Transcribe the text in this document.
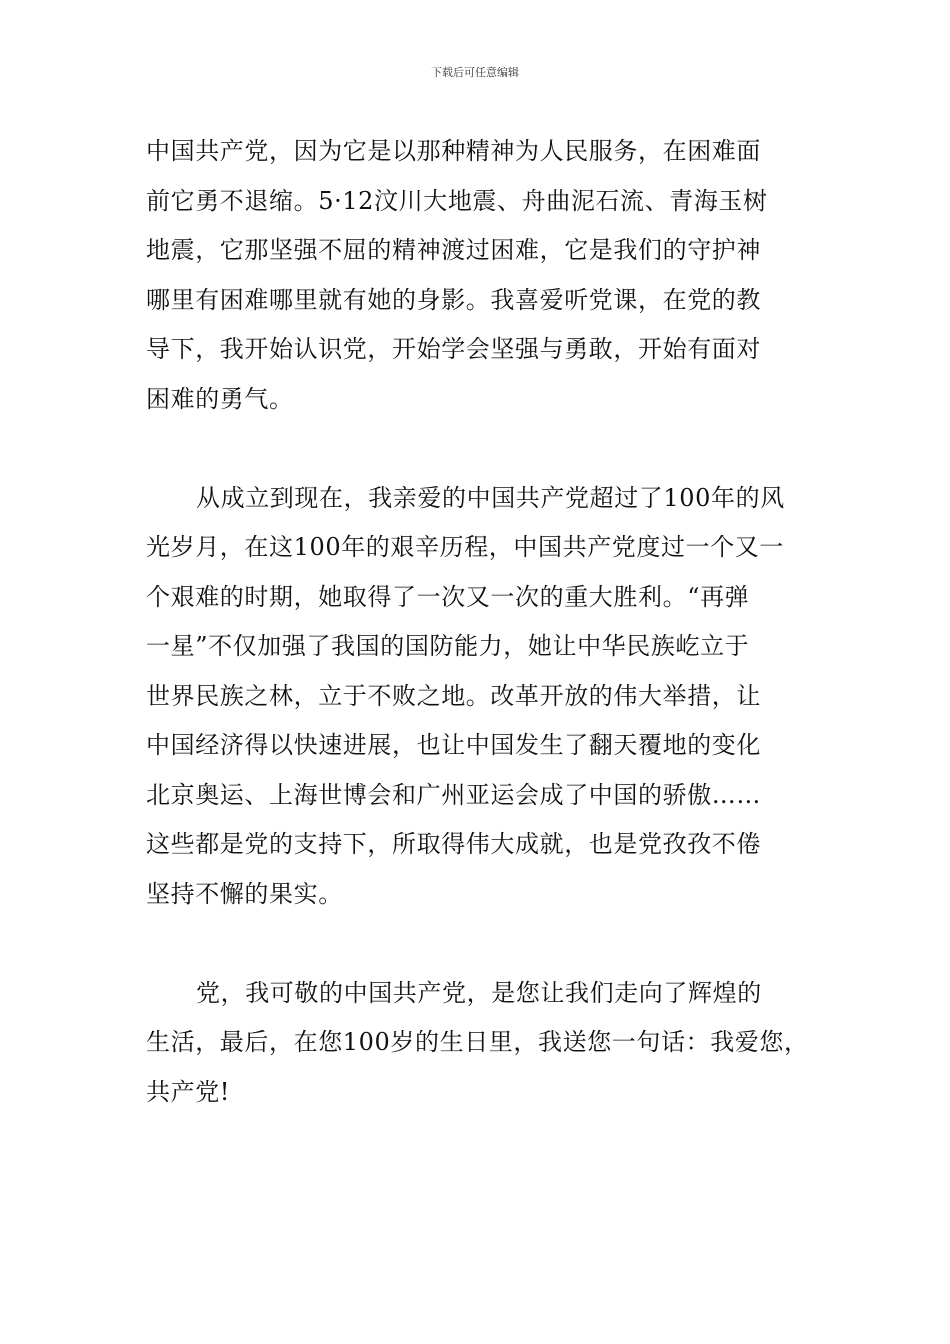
下载后可任意编辑
中国共产党，因为它是以那种精神为人民服务，在困难面
前它勇不退缩。5·12汶川大地震、舟曲泥石流、青海玉树
地震，它那坚强不屈的精神渡过困难，它是我们的守护神
哪里有困难哪里就有她的身影。我喜爱听党课，在党的教
导下，我开始认识党，开始学会坚强与勇敢，开始有面对
困难的勇气。
从成立到现在，我亲爱的中国共产党超过了100年的风
光岁月，在这100年的艰辛历程，中国共产党度过一个又一
个艰难的时期，她取得了一次又一次的重大胜利。“再弹
一星”不仅加强了我国的国防能力，她让中华民族屹立于
世界民族之林，立于不败之地。改革开放的伟大举措，让
中国经济得以快速进展，也让中国发生了翻天覆地的变化
北京奥运、上海世博会和广州亚运会成了中国的骄傲……
这些都是党的支持下，所取得伟大成就，也是党孜孜不倦
坚持不懈的果实。
党，我可敬的中国共产党，是您让我们走向了辉煌的
生活，最后，在您100岁的生日里，我送您一句话：我爱您，
共产党!
